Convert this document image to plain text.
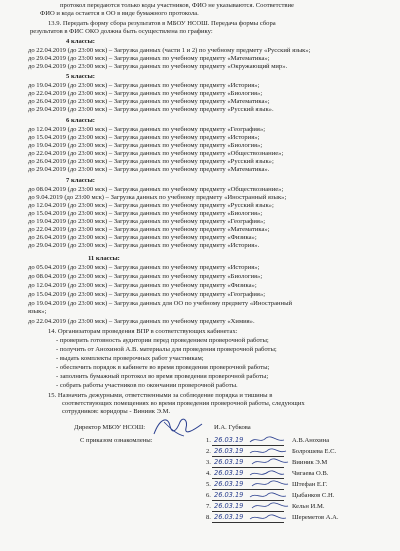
протокол передаются только коды участников, ФИО не указываются. Соответствие
ФИО и кода остается в ОО в виде бумажного протокола.
13.9. Передать форму сбора результатов в МБОУ НСОШ. Передача формы сбора
результатов в ФИС ОКО должна быть осуществлена по графику:
4 классы:
до 22.04.2019 (до 23:00 мск) – Загрузка данных (части 1 и 2) по учебному предмету «Русский язык»;
до 29.04.2019 (до 23:00 мск) – Загрузка данных по учебному предмету «Математика»;
до 29.04.2019 (до 23:00 мск) – Загрузка данных по учебному предмету «Окружающий мир».
5 классы:
до 19.04.2019 (до 23:00 мск) – Загрузка данных по учебному предмету «История»;
до 22.04.2019 (до 23:00 мск) – Загрузка данных по учебному предмету «Биология»;
до 26.04.2019 (до 23:00 мск) – Загрузка данных по учебному предмету «Математика»;
до 29.04.2019 (до 23:00 мск) – Загрузка данных по учебному предмету «Русский язык».
6 классы:
до 12.04.2019 (до 23:00 мск) – Загрузка данных по учебному предмету «География»;
до 15.04.2019 (до 23:00 мск) – Загрузка данных по учебному предмету «История»;
до 19.04.2019 (до 23:00 мск) – Загрузка данных по учебному предмету «Биология»;
до 22.04.2019 (до 23:00 мск) – Загрузка данных по учебному предмету «Обществознание»;
до 26.04.2019 (до 23:00 мск) – Загрузка данных по учебному предмету «Русский язык»;
до 29.04.2019 (до 23:00 мск) – Загрузка данных по учебному предмету «Математика».
7 классы:
до 08.04.2019 (до 23:00 мск) – Загрузка данных по учебному предмету «Обществознание»;
до 9.04.2019 (до 23:00 мск) – Загрузка данных по учебному предмету «Иностранный язык»;
до 12.04.2019 (до 23:00 мск) – Загрузка данных по учебному предмету «Русский язык»;
до 15.04.2019 (до 23:00 мск) – Загрузка данных по учебному предмету «Биология»;
до 19.04.2019 (до 23:00 мск) – Загрузка данных по учебному предмету «География»;
до 22.04.2019 (до 23:00 мск) – Загрузка данных по учебному предмету «Математика»;
до 26.04.2019 (до 23:00 мск) – Загрузка данных по учебному предмету «Физика»;
до 29.04.2019 (до 23:00 мск) – Загрузка данных по учебному предмету «История».
11 классы:
до 05.04.2019 (до 23:00 мск) – Загрузка данных по учебному предмету «История»;
до 08.04.2019 (до 23:00 мск) – Загрузка данных по учебному предмету «Биология»;
до 12.04.2019 (до 23:00 мск) – Загрузка данных по учебному предмету «Физика»;
до 15.04.2019 (до 23:00 мск) – Загрузка данных по учебному предмету «География»;
до 19.04.2019 (до 23:00 мск) – Загрузка данных для ОО по учебному предмету «Иностранный
язык»;
до 22.04.2019 (до 23:00 мск) – Загрузка данных по учебному предмету «Химия».
14. Организаторам проведения ВПР в соответствующих кабинетах:
- проверить готовность аудитории перед проведением проверочной работы;
- получить от Анохиной А.В. материалы для проведения проверочной работы;
- выдать комплекты проверочных работ участникам;
- обеспечить порядок в кабинете во время проведения проверочной работы;
- заполнить бумажный протокол во время проведения проверочной работы;
- собрать работы участников по окончании проверочной работы.
15. Назначить дежурными, ответственными за соблюдение порядка и тишины в
соответствующих помещениях во время проведения проверочной работы, следующих
сотрудников: коридоры - Виниик Э.М.
Директор МБОУ НСОШ:	И.А. Губкова
С приказом ознакомлены:	1. 26.03.19	А.В.Анохина
2. 26.03.19	Болрошева Е.С.
3. 26.03.19	Вииник Э.М
4. 26.03.19	Чигаева О.В.
5. 26.03.19	Штефан Е.Г.
6. 26.03.19	Цыбанков С.Н.
7. 26.03.19	Кельн И.М.
8. 26.03.19	Шереметов А.А.
